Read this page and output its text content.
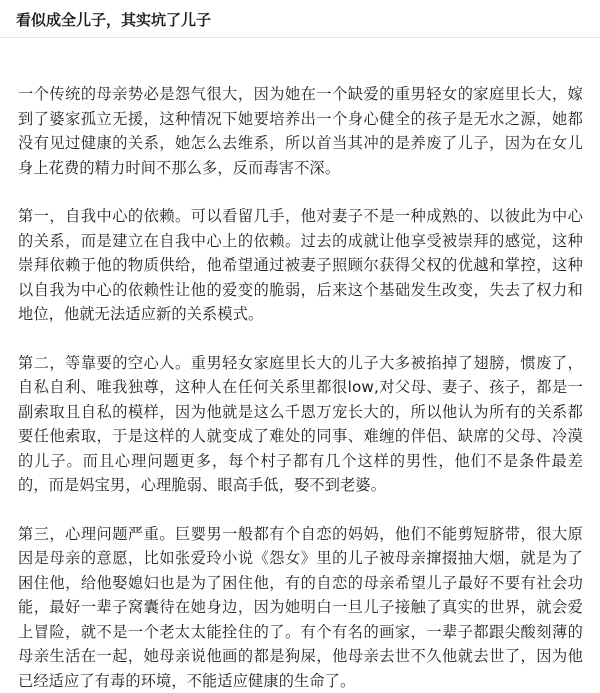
看似成全儿子，其实坑了儿子

一个传统的母亲势必是怨气很大，因为她在一个缺爱的重男轻女的家庭里长大，嫁到了婆家孤立无援，这种情况下她要培养出一个身心健全的孩子是无水之源，她都没有见过健康的关系，她怎么去维系，所以首当其冲的是养废了儿子，因为在女儿身上花费的精力时间不那么多，反而毒害不深。

第一，自我中心的依赖。可以看留几手，他对妻子不是一种成熟的、以彼此为中心的关系，而是建立在自我中心上的依赖。过去的成就让他享受被崇拜的感觉，这种崇拜依赖于他的物质供给，他希望通过被妻子照顾尔获得父权的优越和掌控，这种以自我为中心的依赖性让他的爱变的脆弱，后来这个基础发生改变，失去了权力和地位，他就无法适应新的关系模式。

第二，等靠要的空心人。重男轻女家庭里长大的儿子大多被掐掉了翅膀，惯废了，自私自利、唯我独尊，这种人在任何关系里都很low,对父母、妻子、孩子，都是一副索取且自私的模样，因为他就是这么千恩万宠长大的，所以他认为所有的关系都要任他索取，于是这样的人就变成了难处的同事、难缠的伴侣、缺席的父母、冷漠的儿子。而且心理问题更多，每个村子都有几个这样的男性，他们不是条件最差的，而是妈宝男，心理脆弱、眼高手低，娶不到老婆。

第三，心理问题严重。巨婴男一般都有个自恋的妈妈，他们不能剪短脐带，很大原因是母亲的意愿，比如张爱玲小说《怨女》里的儿子被母亲撺掇抽大烟，就是为了困住他，给他娶媳妇也是为了困住他，有的自恋的母亲希望儿子最好不要有社会功能，最好一辈子窝囊待在她身边，因为她明白一旦儿子接触了真实的世界，就会爱上冒险，就不是一个老太太能拴住的了。有个有名的画家，一辈子都跟尖酸刻薄的母亲生活在一起，她母亲说他画的都是狗屎，他母亲去世不久他就去世了，因为他已经适应了有毒的环境，不能适应健康的生命了。
